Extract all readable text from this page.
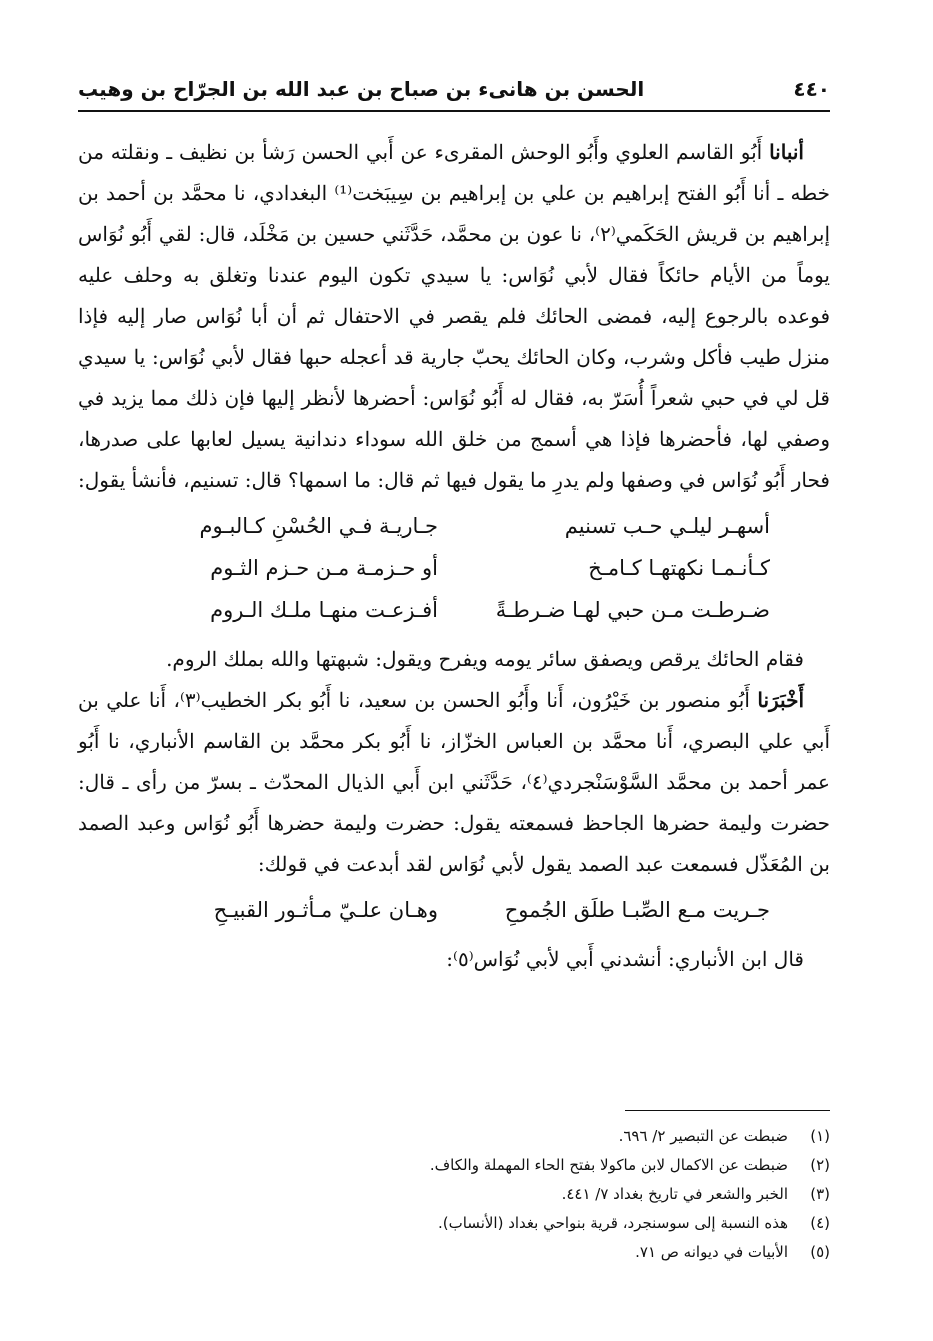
٤٤٠
الحسن بن هانىء بن صباح بن عبد الله بن الجرّاح بن وهيب

أنبانا أَبُو القاسم العلوي وأَبُو الوحش المقرىء عن أَبي الحسن رَشأ بن نظيف ـ ونقلته من خطه ـ أنا أَبُو الفتح إبراهيم بن علي بن إبراهيم بن سِيبَخت⁽¹⁾ البغدادي، نا محمَّد بن أحمد بن إبراهيم بن قريش الحَكَمي⁽٢⁾، نا عون بن محمَّد، حَدَّثَني حسين بن مَخْلَد، قال: لقي أَبُو نُوَاس يوماً من الأيام حائكاً فقال لأبي نُوَاس: يا سيدي تكون اليوم عندنا وتغلق به وحلف عليه فوعده بالرجوع إليه، فمضى الحائك فلم يقصر في الاحتفال ثم أن أبا نُوَاس صار إليه فإذا منزل طيب فأكل وشرب، وكان الحائك يحبّ جارية قد أعجله حبها فقال لأبي نُوَاس: يا سيدي قل لي في حبي شعراً أُسَرّ به، فقال له أَبُو نُوَاس: أحضرها لأنظر إليها فإن ذلك مما يزيد في وصفي لها، فأحضرها فإذا هي أسمج من خلق الله سوداء دندانية يسيل لعابها على صدرها، فحار أَبُو نُوَاس في وصفها ولم يدرِ ما يقول فيها ثم قال: ما اسمها؟ قال: تسنيم، فأنشأ يقول:

أسهـر ليلـي حـب تسنيم
جـاريـة فـي الحُسْنِ كـالبـوم
كـأنـمـا نكهتهـا كـامـخ
أو حـزمـة مـن حـزم الثـوم
ضـرطـت مـن حبي لهـا ضـرطـةً
أفـزعـت منهـا ملـك الـروم

فقام الحائك يرقص ويصفق سائر يومه ويفرح ويقول: شبهتها والله بملك الروم.

أَخْبَرَنا أَبُو منصور بن خَيْرُون، أَنا وأَبُو الحسن بن سعيد، نا أَبُو بكر الخطيب⁽٣⁾، أَنا علي بن أَبي علي البصري، أَنا محمَّد بن العباس الخزّاز، نا أَبُو بكر محمَّد بن القاسم الأنباري، نا أَبُو عمر أحمد بن محمَّد السَّوْسَنْجردي⁽٤⁾، حَدَّثَني ابن أَبي الذيال المحدّث ـ بسرّ من رأى ـ قال: حضرت وليمة حضرها الجاحظ فسمعته يقول: حضرت وليمة حضرها أَبُو نُوَاس وعبد الصمد بن المُعَذّل فسمعت عبد الصمد يقول لأبي نُوَاس لقد أبدعت في قولك:

جـريت مـع الصِّبـا طلَق الجُموحِ
وهـان علـيّ مـأثـور القبيـحِ

قال ابن الأنباري: أنشدني أَبي لأبي نُوَاس⁽٥⁾:

(١)
ضبطت عن التبصير ٢/ ٦٩٦.
(٢)
ضبطت عن الاكمال لابن ماكولا بفتح الحاء المهملة والكاف.
(٣)
الخبر والشعر في تاريخ بغداد ٧/ ٤٤١.
(٤)
هذه النسبة إلى سوسنجرد، قرية بنواحي بغداد (الأنساب).
(٥)
الأبيات في ديوانه ص ٧١.
